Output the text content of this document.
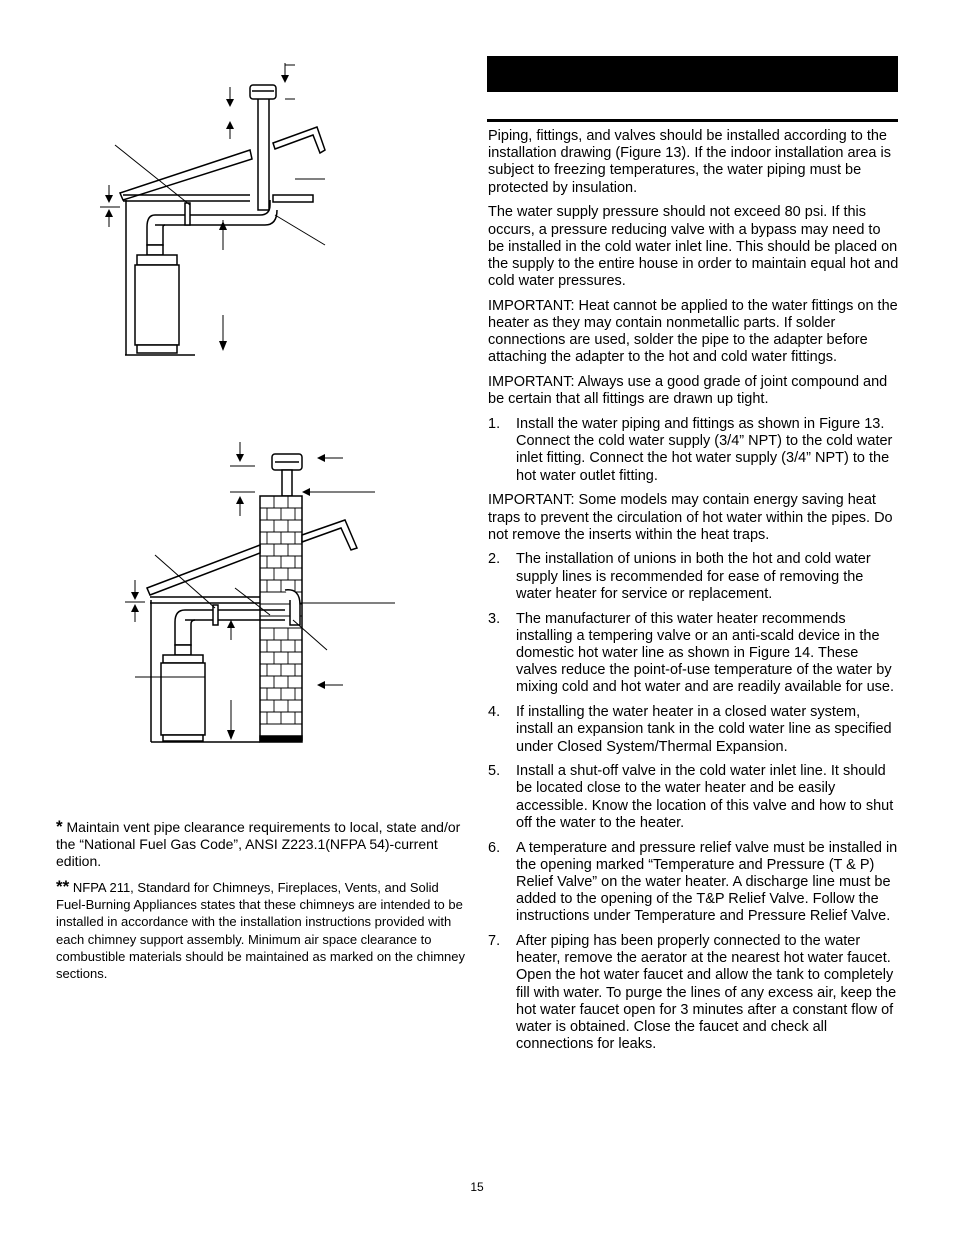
* Maintain vent pipe clearance requirements to local, state and/or the “National Fuel Gas Code”, ANSI Z223.1(NFPA 54)-current edition.

** NFPA 211, Standard for Chimneys, Fireplaces, Vents, and Solid Fuel-Burning Appliances states that these chimneys are intended to be installed in accordance with the installation instructions provided with each chimney support assembly. Minimum air space clearance to combustible materials should be maintained as marked on the chimney sections.

Piping, fittings, and valves should be installed according to the installation drawing (Figure 13). If the indoor installation area is subject to freezing temperatures, the water piping must be protected by insulation.

The water supply pressure should not exceed 80 psi. If this occurs, a pressure reducing valve with a bypass may need to be installed in the cold water inlet line. This should be placed on the supply to the entire house in order to maintain equal hot and cold water pressures.

IMPORTANT: Heat cannot be applied to the water fittings on the heater as they may contain nonmetallic parts. If solder connections are used, solder the pipe to the adapter before attaching the adapter to the hot and cold water fittings.

IMPORTANT: Always use a good grade of joint compound and be certain that all fittings are drawn up tight.

1. Install the water piping and fittings as shown in Figure 13. Connect the cold water supply (3/4” NPT) to the cold water inlet fitting. Connect the hot water supply (3/4” NPT) to the hot water outlet fitting.

IMPORTANT: Some models may contain energy saving heat traps to prevent the circulation of hot water within the pipes. Do not remove the inserts within the heat traps.

2. The installation of unions in both the hot and cold water supply lines is recommended for ease of removing the water heater for service or replacement.
3. The manufacturer of this water heater recommends installing a tempering valve or an anti-scald device in the domestic hot water line as shown in Figure 14. These valves reduce the point-of-use temperature of the water by mixing cold and hot water and are readily available for use.
4. If installing the water heater in a closed water system, install an expansion tank in the cold water line as specified under Closed System/Thermal Expansion.
5. Install a shut-off valve in the cold water inlet line. It should be located close to the water heater and be easily accessible. Know the location of this valve and how to shut off the water to the heater.
6. A temperature and pressure relief valve must be installed in the opening marked “Temperature and Pressure (T & P) Relief Valve” on the water heater. A discharge line must be added to the opening of the T&P Relief Valve. Follow the instructions under Temperature and Pressure Relief Valve.
7. After piping has been properly connected to the water heater, remove the aerator at the nearest hot water faucet. Open the hot water faucet and allow the tank to completely fill with water. To purge the lines of any excess air, keep the hot water faucet open for 3 minutes after a constant flow of water is obtained. Close the faucet and check all connections for leaks.
15
